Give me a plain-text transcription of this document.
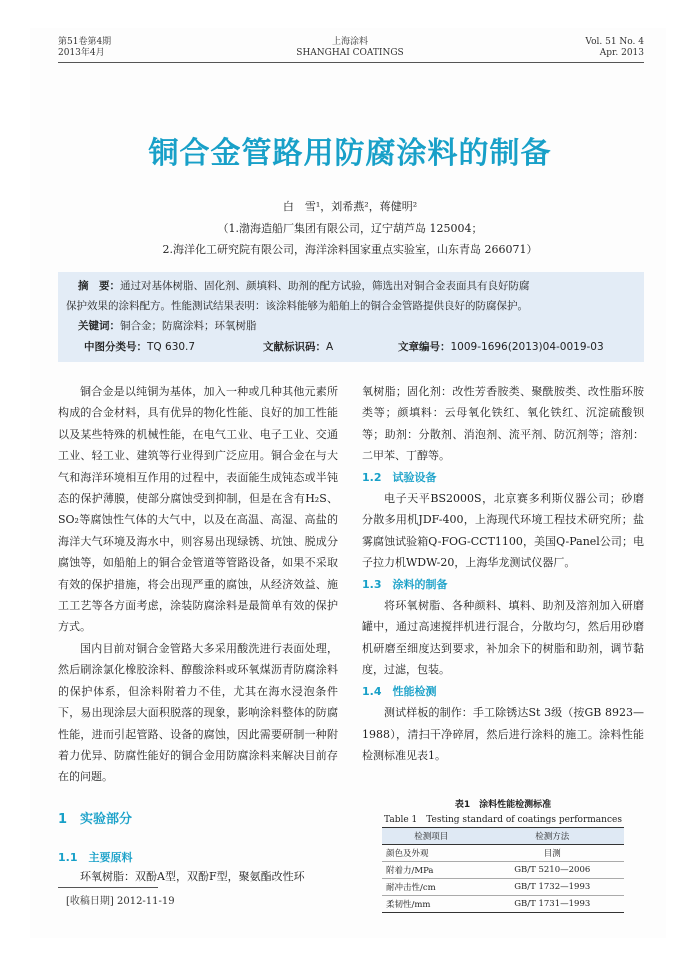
第51卷第4期
2013年4月
上海涂料
SHANGHAI COATINGS
Vol. 51 No. 4
Apr. 2013
铜合金管路用防腐涂料的制备
白　雪¹，刘希燕²，蒋健明²
（1.渤海造船厂集团有限公司，辽宁葫芦岛 125004；
2.海洋化工研究院有限公司，海洋涂料国家重点实验室，山东青岛 266071）
摘　要：通过对基体树脂、固化剂、颜填料、助剂的配方试验，筛选出对铜合金表面具有良好防腐
保护效果的涂料配方。性能测试结果表明：该涂料能够为船舶上的铜合金管路提供良好的防腐保护。
关键词：铜合金；防腐涂料；环氧树脂
中图分类号：TQ 630.7	文献标识码：A	文章编号：1009-1696(2013)04-0019-03

铜合金是以纯铜为基体，加入一种或几种其他元素所构成的合金材料，具有优异的物化性能、良好的加工性能以及某些特殊的机械性能，在电气工业、电子工业、交通工业、轻工业、建筑等行业得到广泛应用。铜合金在与大气和海洋环境相互作用的过程中，表面能生成钝态或半钝态的保护薄膜，使部分腐蚀受到抑制，但是在含有H₂S、SO₂等腐蚀性气体的大气中，以及在高温、高湿、高盐的海洋大气环境及海水中，则容易出现绿锈、坑蚀、脱成分腐蚀等，如船舶上的铜合金管道等管路设备，如果不采取有效的保护措施，将会出现严重的腐蚀，从经济效益、施工工艺等各方面考虑，涂装防腐涂料是最简单有效的保护方式。

国内目前对铜合金管路大多采用酸洗进行表面处理，然后刷涂氯化橡胶涂料、醇酸涂料或环氧煤沥青防腐涂料的保护体系，但涂料附着力不佳，尤其在海水浸泡条件下，易出现涂层大面积脱落的现象，影响涂料整体的防腐性能，进而引起管路、设备的腐蚀，因此需要研制一种附着力优异、防腐性能好的铜合金用防腐涂料来解决目前存在的问题。

1　实验部分
1.1　主要原料

环氧树脂：双酚A型，双酚F型，聚氨酯改性环

[收稿日期] 2012-11-19

氧树脂；固化剂：改性芳香胺类、聚酰胺类、改性脂环胺类等；颜填料：云母氧化铁红、氧化铁红、沉淀硫酸钡等；助剂：分散剂、消泡剂、流平剂、防沉剂等；溶剂：二甲苯、丁醇等。

1.2　试验设备

电子天平BS2000S，北京赛多利斯仪器公司；砂磨分散多用机JDF-400，上海现代环境工程技术研究所；盐雾腐蚀试验箱Q-FOG-CCT1100，美国Q-Panel公司；电子拉力机WDW-20，上海华龙测试仪器厂。

1.3　涂料的制备

将环氧树脂、各种颜料、填料、助剂及溶剂加入研磨罐中，通过高速搅拌机进行混合，分散均匀，然后用砂磨机研磨至细度达到要求，补加余下的树脂和助剂，调节黏度，过滤，包装。

1.4　性能检测

测试样板的制作：手工除锈达St 3级（按GB 8923—1988），清扫干净碎屑，然后进行涂料的施工。涂料性能检测标准见表1。

表1　涂料性能检测标准
Table 1　Testing standard of coatings performances
检测项目	检测方法
颜色及外观	目测
附着力/MPa	GB/T 5210—2006
耐冲击性/cm	GB/T 1732—1993
柔韧性/mm	GB/T 1731—1993
